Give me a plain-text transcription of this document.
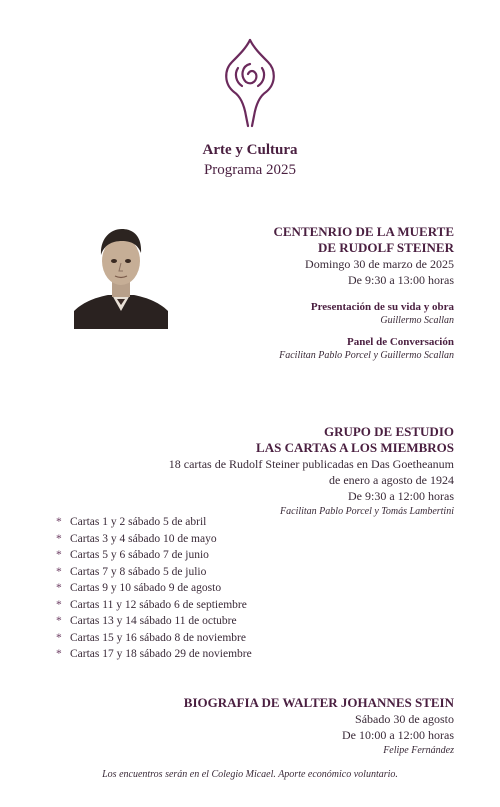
Arte y Cultura
Programa 2025
CENTENRIO DE LA MUERTE
DE RUDOLF STEINER
Domingo 30 de marzo de 2025
De 9:30 a 13:00 horas
Presentación de su vida y obra
Guillermo Scallan
Panel de Conversación
Facilitan Pablo Porcel y Guillermo Scallan
GRUPO DE ESTUDIO
LAS CARTAS A LOS MIEMBROS
18 cartas de Rudolf Steiner publicadas en Das Goetheanum
de enero a agosto de 1924
De 9:30 a 12:00 horas
Facilitan Pablo Porcel y Tomás Lambertini
* Cartas 1 y 2 sábado 5 de abril
* Cartas 3 y 4 sábado 10 de mayo
* Cartas 5 y 6 sábado 7 de junio
* Cartas 7 y 8 sábado 5 de julio
* Cartas 9 y 10 sábado 9 de agosto
* Cartas 11 y 12 sábado 6 de septiembre
* Cartas 13 y 14 sábado 11 de octubre
* Cartas 15 y 16 sábado 8 de noviembre
* Cartas 17 y 18 sábado 29 de noviembre
BIOGRAFIA DE WALTER JOHANNES STEIN
Sábado 30 de agosto
De 10:00 a 12:00 horas
Felipe Fernández
Los encuentros serán en el Colegio Micael. Aporte económico voluntario.
